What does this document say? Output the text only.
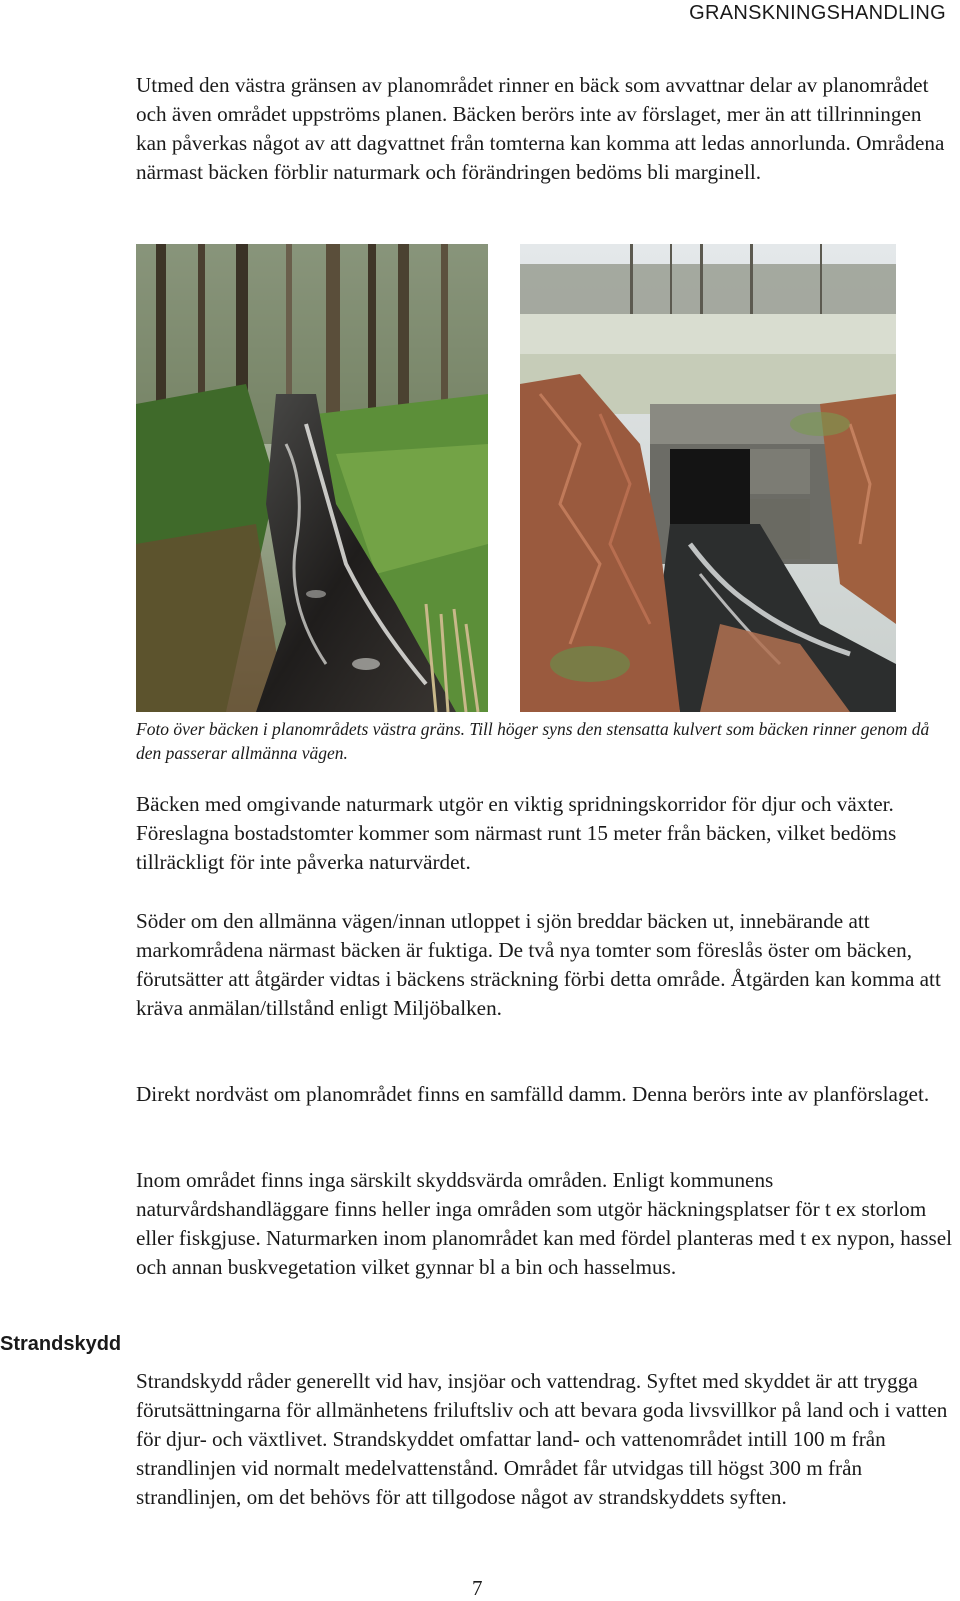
GRANSKNINGSHANDLING

Utmed den västra gränsen av planområdet rinner en bäck som avvattnar delar av planområdet och även området uppströms planen. Bäcken berörs inte av förslaget, mer än att tillrinningen kan påverkas något av att dagvattnet från tomterna kan komma att ledas annorlunda. Områdena närmast bäcken förblir naturmark och förändringen bedöms bli marginell.

Foto över bäcken i planområdets västra gräns. Till höger syns den stensatta kulvert som bäcken rinner genom då den passerar allmänna vägen.

Bäcken med omgivande naturmark utgör en viktig spridningskorridor för djur och växter. Föreslagna bostadstomter kommer som närmast runt 15 meter från bäcken, vilket bedöms tillräckligt för inte påverka naturvärdet.

Söder om den allmänna vägen/innan utloppet i sjön breddar bäcken ut, innebärande att markområdena närmast bäcken är fuktiga. De två nya tomter som föreslås öster om bäcken, förutsätter att åtgärder vidtas i bäckens sträckning förbi detta område. Åtgärden kan komma att kräva anmälan/tillstånd enligt Miljöbalken.

Direkt nordväst om planområdet finns en samfälld damm. Denna berörs inte av planförslaget.

Inom området finns inga särskilt skyddsvärda områden. Enligt kommunens naturvårdshandläggare finns heller inga områden som utgör häckningsplatser för t ex storlom eller fiskgjuse. Naturmarken inom planområdet kan med fördel planteras med t ex nypon, hassel och annan buskvegetation vilket gynnar bl a bin och hasselmus.

Strandskydd

Strandskydd råder generellt vid hav, insjöar och vattendrag. Syftet med skyddet är att trygga förutsättningarna för allmänhetens friluftsliv och att bevara goda livsvillkor på land och i vatten för djur- och växtlivet. Strandskyddet omfattar land- och vattenområdet intill 100 m från strandlinjen vid normalt medelvattenstånd. Området får utvidgas till högst 300 m från strandlinjen, om det behövs för att tillgodose något av strandskyddets syften.

7
